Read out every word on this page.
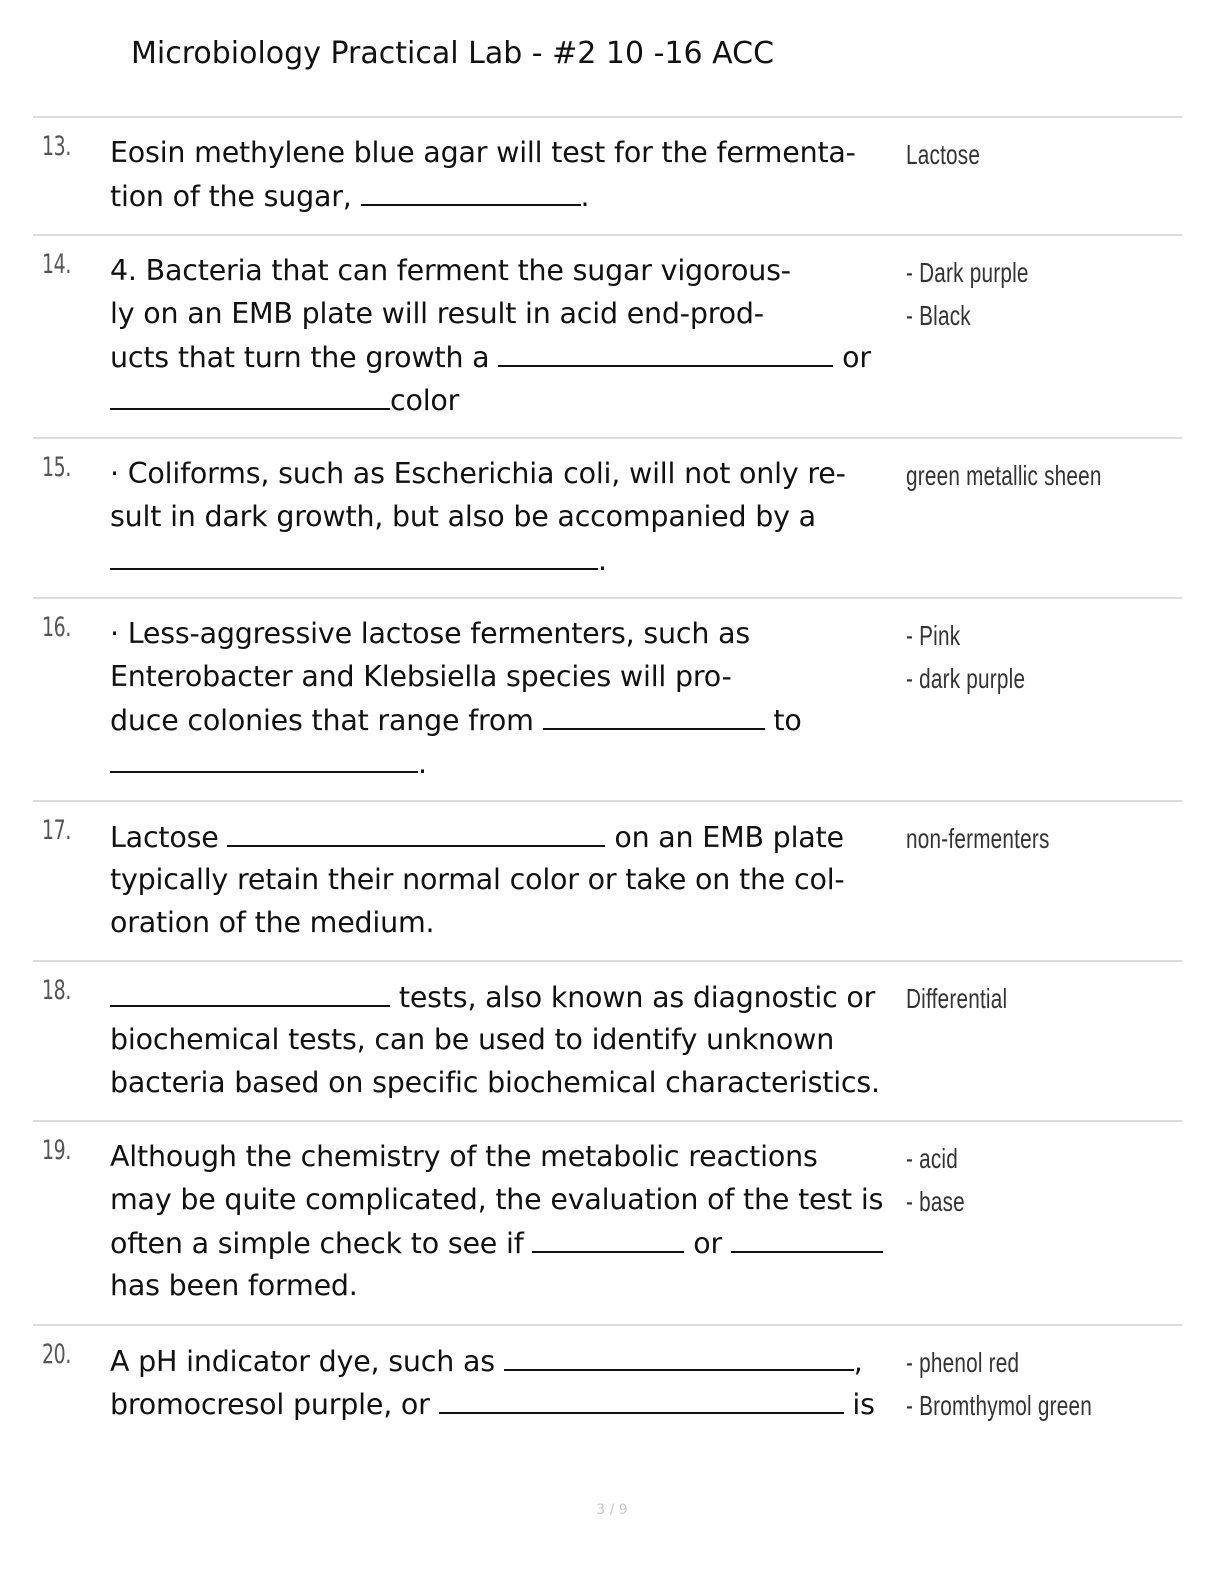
Microbiology Practical Lab - #2 10 -16 ACC
13. Eosin methylene blue agar will test for the fermenta-
tion of the sugar,	.
Lactose
14. 4. Bacteria that can ferment the sugar vigorous-
ly on an EMB plate will result in acid end-prod-
ucts that turn the growth a	or
color
- Dark purple
- Black
15. · Coliforms, such as Escherichia coli, will not only re-
sult in dark growth, but also be accompanied by a
.
green metallic sheen
16. · Less-aggressive lactose fermenters, such as
Enterobacter and Klebsiella species will pro-
duce colonies that range from	to
.
- Pink
- dark purple
17. Lactose	on an EMB plate
typically retain their normal color or take on the col-
oration of the medium.
non-fermenters
18.	tests, also known as diagnostic or
biochemical tests, can be used to identify unknown
bacteria based on specific biochemical characteristics.
Differential
19. Although the chemistry of the metabolic reactions
may be quite complicated, the evaluation of the test is
often a simple check to see if	or
has been formed.
- acid
- base
20. A pH indicator dye, such as	,
bromocresol purple, or	is
- phenol red
- Bromthymol green
3 / 9
